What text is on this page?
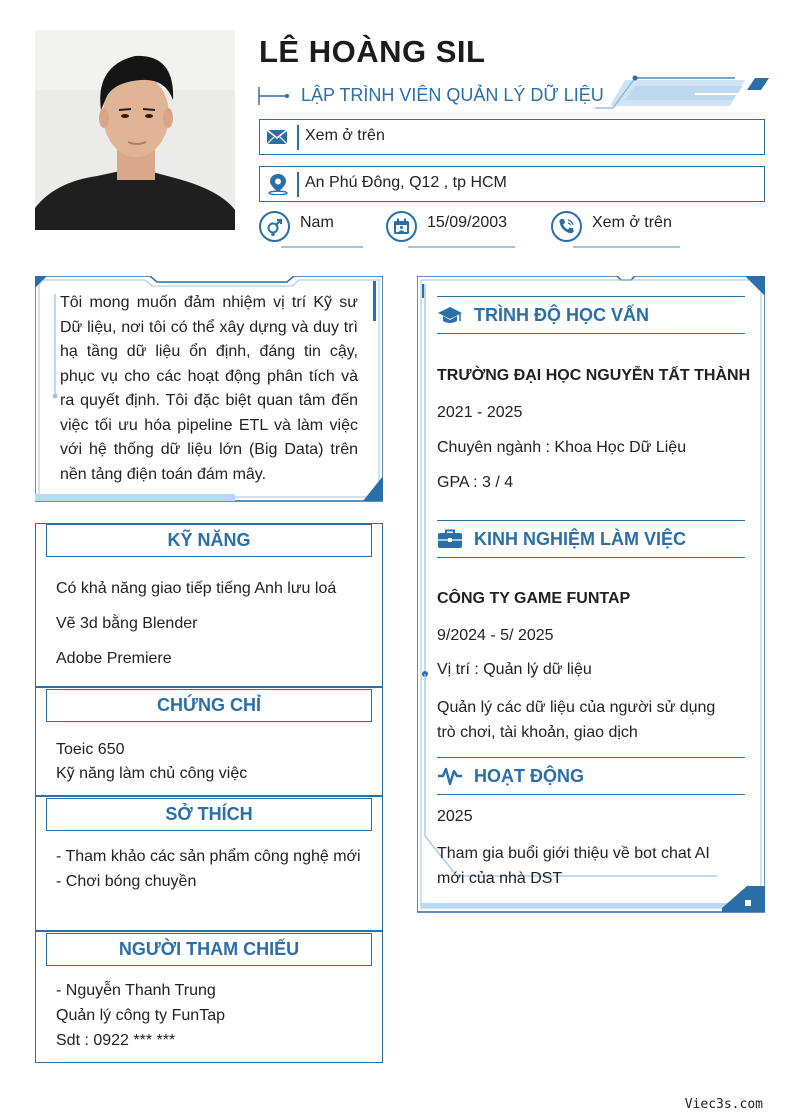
LÊ HOÀNG SIL
LẬP TRÌNH VIÊN QUẢN LÝ DỮ LIỆU
Xem ở trên
An Phú Đông, Q12 , tp HCM
Nam	15/09/2003	Xem ở trên
Tôi mong muốn đảm nhiệm vị trí Kỹ sư Dữ liệu, nơi tôi có thể xây dựng và duy trì hạ tầng dữ liệu ổn định, đáng tin cậy, phục vụ cho các hoạt động phân tích và ra quyết định. Tôi đặc biệt quan tâm đến việc tối ưu hóa pipeline ETL và làm việc với hệ thống dữ liệu lớn (Big Data) trên nền tảng điện toán đám mây.
KỸ NĂNG
Có khả năng giao tiếp tiếng Anh lưu loá
Vẽ 3d bằng Blender
Adobe Premiere
CHỨNG CHỈ
Toeic 650
Kỹ năng làm chủ công việc
SỞ THÍCH
- Tham khảo các sản phẩm công nghệ mới
- Chơi bóng chuyền
NGƯỜI THAM CHIẾU
- Nguyễn Thanh Trung
Quản lý công ty FunTap
Sdt : 0922 *** ***
TRÌNH ĐỘ HỌC VẤN
TRƯỜNG ĐẠI HỌC NGUYỄN TẤT THÀNH
2021 - 2025
Chuyên ngành : Khoa Học Dữ Liệu
GPA : 3 / 4
KINH NGHIỆM LÀM VIỆC
CÔNG TY GAME FUNTAP
9/2024 - 5/ 2025
Vị trí : Quản lý dữ liệu
Quản lý các dữ liệu của người sử dụng trò chơi, tài khoản, giao dịch
HOẠT ĐỘNG
2025
Tham gia buổi giới thiệu về bot chat AI mới của nhà DST
Viec3s.com
